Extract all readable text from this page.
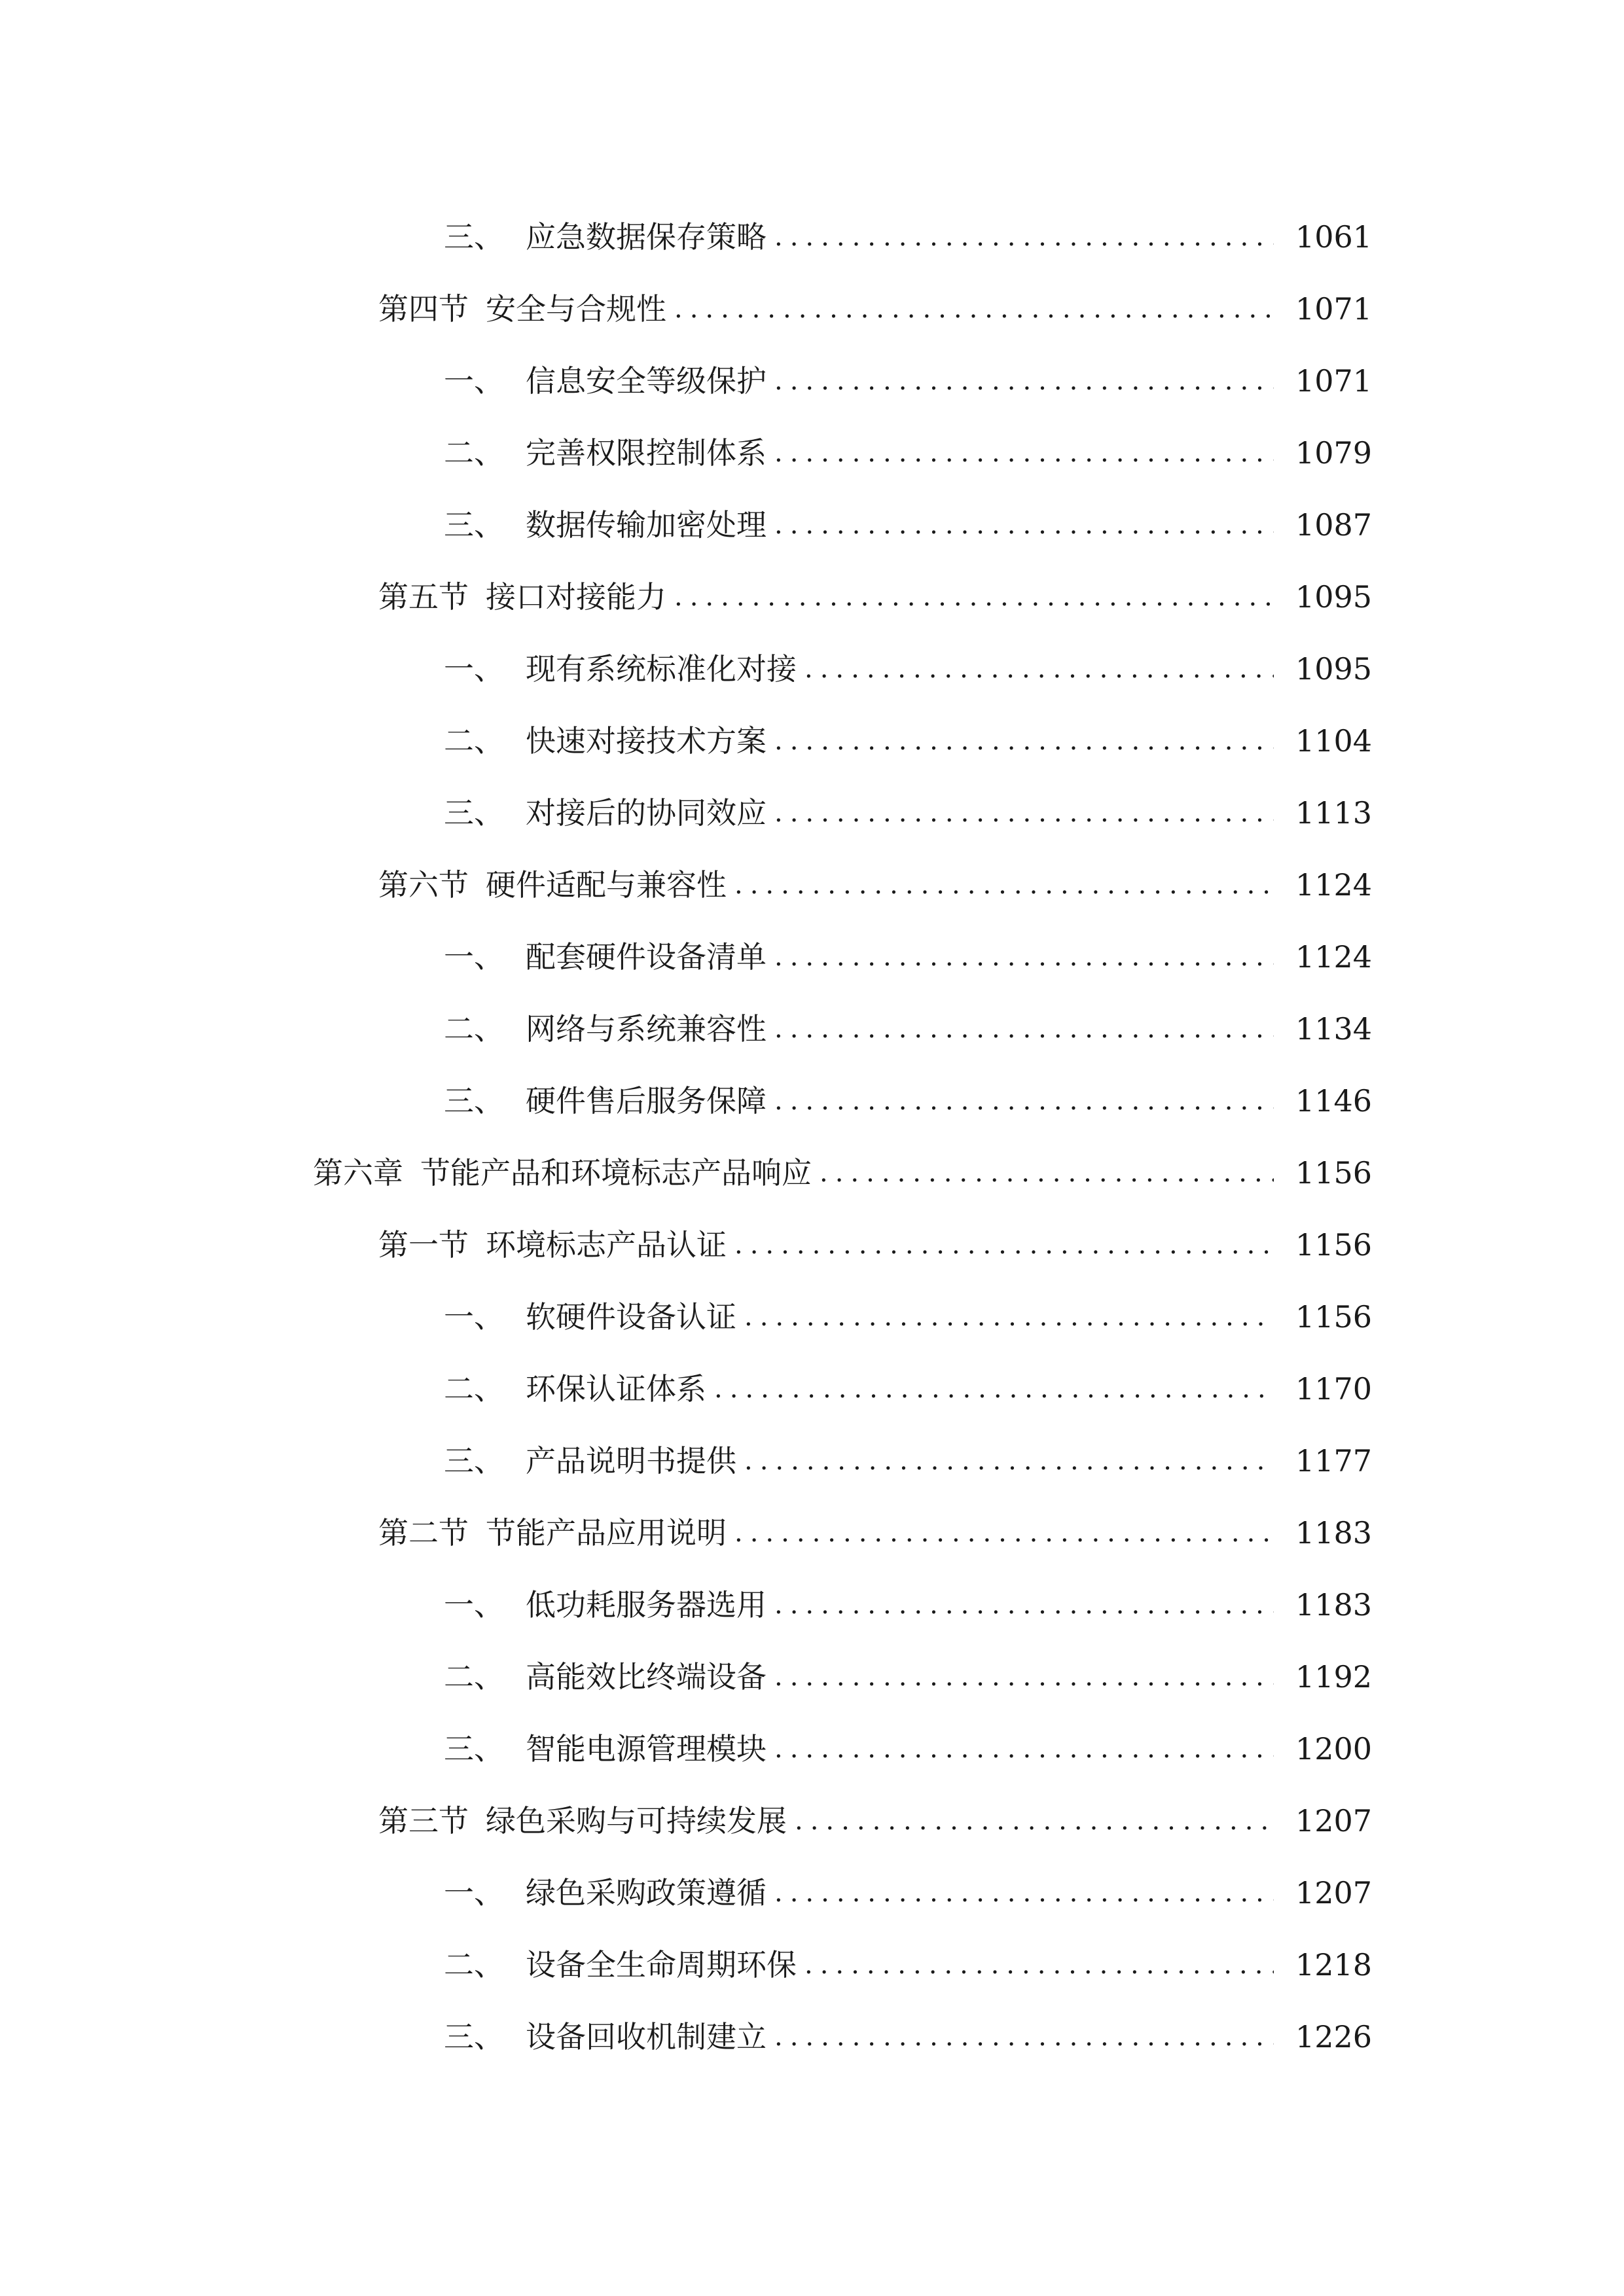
三、 应急数据保存策略 .....	1061
第四节 安全与合规性 .....	1071
一、 信息安全等级保护 .....	1071
二、 完善权限控制体系 .....	1079
三、 数据传输加密处理 .....	1087
第五节 接口对接能力 .....	1095
一、 现有系统标准化对接 .....	1095
二、 快速对接技术方案 .....	1104
三、 对接后的协同效应 .....	1113
第六节 硬件适配与兼容性 .....	1124
一、 配套硬件设备清单 .....	1124
二、 网络与系统兼容性 .....	1134
三、 硬件售后服务保障 .....	1146
第六章 节能产品和环境标志产品响应 .....	1156
第一节 环境标志产品认证 .....	1156
一、 软硬件设备认证 .....	1156
二、 环保认证体系 .....	1170
三、 产品说明书提供 .....	1177
第二节 节能产品应用说明 .....	1183
一、 低功耗服务器选用 .....	1183
二、 高能效比终端设备 .....	1192
三、 智能电源管理模块 .....	1200
第三节 绿色采购与可持续发展 .....	1207
一、 绿色采购政策遵循 .....	1207
二、 设备全生命周期环保 .....	1218
三、 设备回收机制建立 .....	1226
